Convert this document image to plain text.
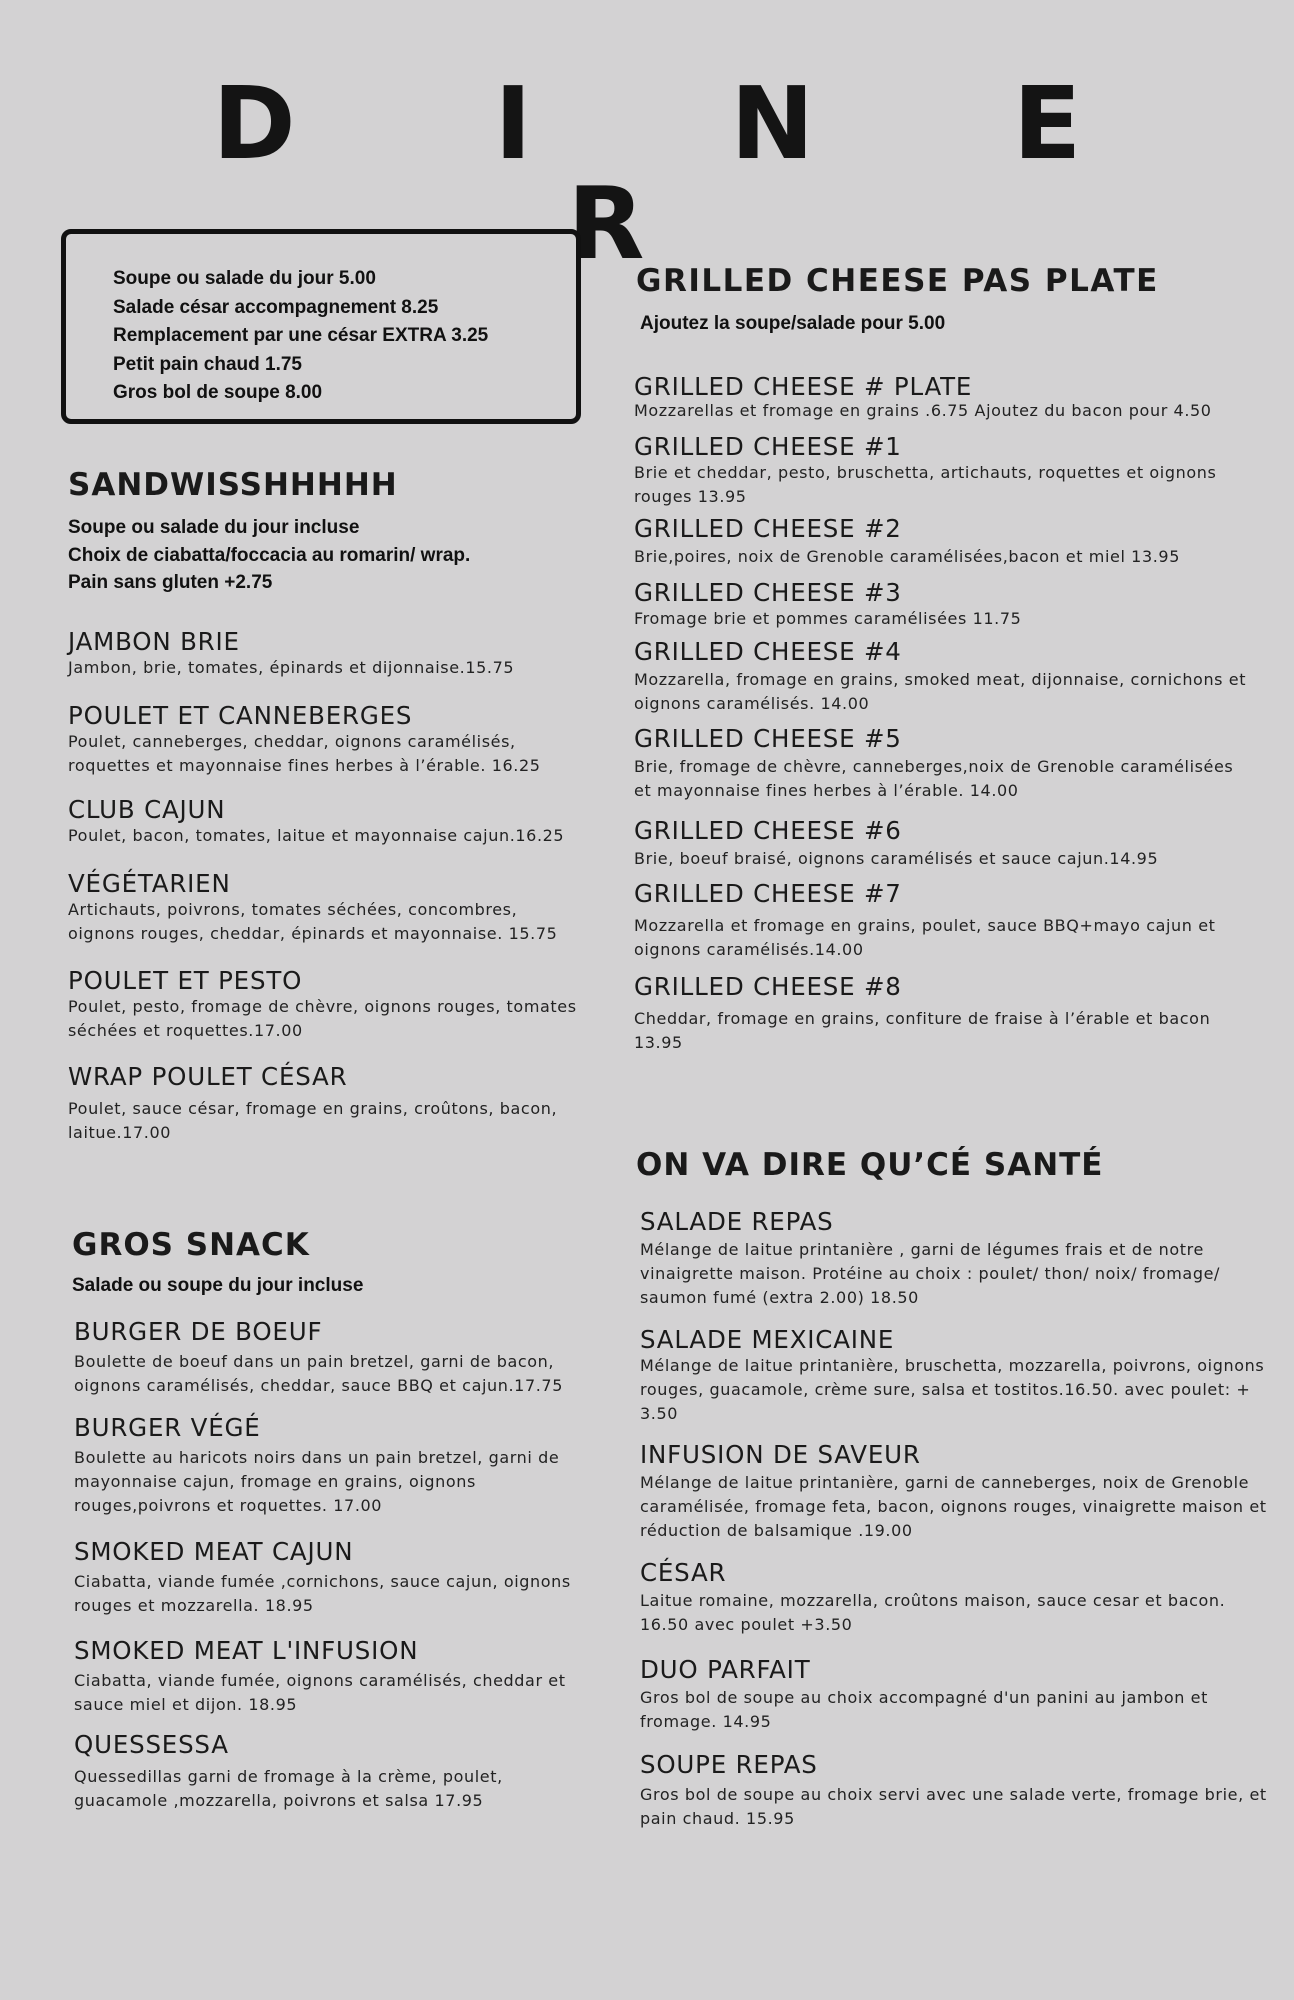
D I N E R
Soupe ou salade du jour 5.00
Salade césar accompagnement 8.25
Remplacement par une césar EXTRA 3.25
Petit pain chaud 1.75
Gros bol de soupe 8.00
SANDWISSHHHHH
Soupe ou salade du jour incluse
Choix de ciabatta/foccacia au romarin/ wrap.
Pain sans gluten +2.75
JAMBON BRIE
Jambon, brie, tomates, épinards et dijonnaise.15.75
POULET ET CANNEBERGES
Poulet, canneberges, cheddar, oignons caramélisés, roquettes et mayonnaise fines herbes à l’érable. 16.25
CLUB CAJUN
Poulet, bacon, tomates, laitue et mayonnaise cajun.16.25
VÉGÉTARIEN
Artichauts, poivrons, tomates séchées, concombres, oignons rouges, cheddar, épinards et mayonnaise. 15.75
POULET ET PESTO
Poulet, pesto, fromage de chèvre, oignons rouges, tomates séchées et roquettes.17.00
WRAP POULET CÉSAR
Poulet, sauce césar, fromage en grains, croûtons, bacon, laitue.17.00
GROS SNACK
Salade ou soupe du jour incluse
BURGER DE BOEUF
Boulette de boeuf dans un pain bretzel, garni de bacon, oignons caramélisés, cheddar, sauce BBQ et cajun.17.75
BURGER VÉGÉ
Boulette au haricots noirs dans un pain bretzel, garni de mayonnaise cajun, fromage en grains, oignons rouges,poivrons et roquettes. 17.00
SMOKED MEAT CAJUN
Ciabatta, viande fumée ,cornichons, sauce cajun, oignons rouges et mozzarella. 18.95
SMOKED MEAT L'INFUSION
Ciabatta, viande fumée, oignons caramélisés, cheddar et sauce miel et dijon. 18.95
QUESSESSA
Quessedillas garni de fromage à la crème, poulet, guacamole ,mozzarella, poivrons et salsa 17.95
GRILLED CHEESE PAS PLATE
Ajoutez la soupe/salade pour 5.00
GRILLED CHEESE # PLATE
Mozzarellas et fromage en grains .6.75 Ajoutez du bacon pour 4.50
GRILLED CHEESE #1
Brie et cheddar, pesto, bruschetta, artichauts, roquettes et oignons rouges 13.95
GRILLED CHEESE #2
Brie,poires, noix de Grenoble caramélisées,bacon et miel 13.95
GRILLED CHEESE #3
Fromage brie et pommes caramélisées 11.75
GRILLED CHEESE #4
Mozzarella, fromage en grains, smoked meat, dijonnaise, cornichons et oignons caramélisés. 14.00
GRILLED CHEESE #5
Brie, fromage de chèvre, canneberges,noix de Grenoble caramélisées et mayonnaise fines herbes à l’érable. 14.00
GRILLED CHEESE #6
Brie, boeuf braisé, oignons caramélisés et sauce cajun.14.95
GRILLED CHEESE #7
Mozzarella et fromage en grains, poulet, sauce BBQ+mayo cajun et oignons caramélisés.14.00
GRILLED CHEESE #8
Cheddar, fromage en grains, confiture de fraise à l’érable et bacon 13.95
ON VA DIRE QU’CÉ SANTÉ
SALADE REPAS
Mélange de laitue printanière , garni de légumes frais et de notre vinaigrette maison. Protéine au choix : poulet/ thon/ noix/ fromage/ saumon fumé (extra 2.00) 18.50
SALADE MEXICAINE
Mélange de laitue printanière, bruschetta, mozzarella, poivrons, oignons rouges, guacamole, crème sure, salsa et tostitos.16.50. avec poulet: + 3.50
INFUSION DE SAVEUR
Mélange de laitue printanière, garni de canneberges, noix de Grenoble caramélisée, fromage feta, bacon, oignons rouges, vinaigrette maison et réduction de balsamique .19.00
CÉSAR
Laitue romaine, mozzarella, croûtons maison, sauce cesar et bacon. 16.50 avec poulet +3.50
DUO PARFAIT
Gros bol de soupe au choix accompagné d'un panini au jambon et fromage. 14.95
SOUPE REPAS
Gros bol de soupe au choix servi avec une salade verte, fromage brie, et pain chaud. 15.95
